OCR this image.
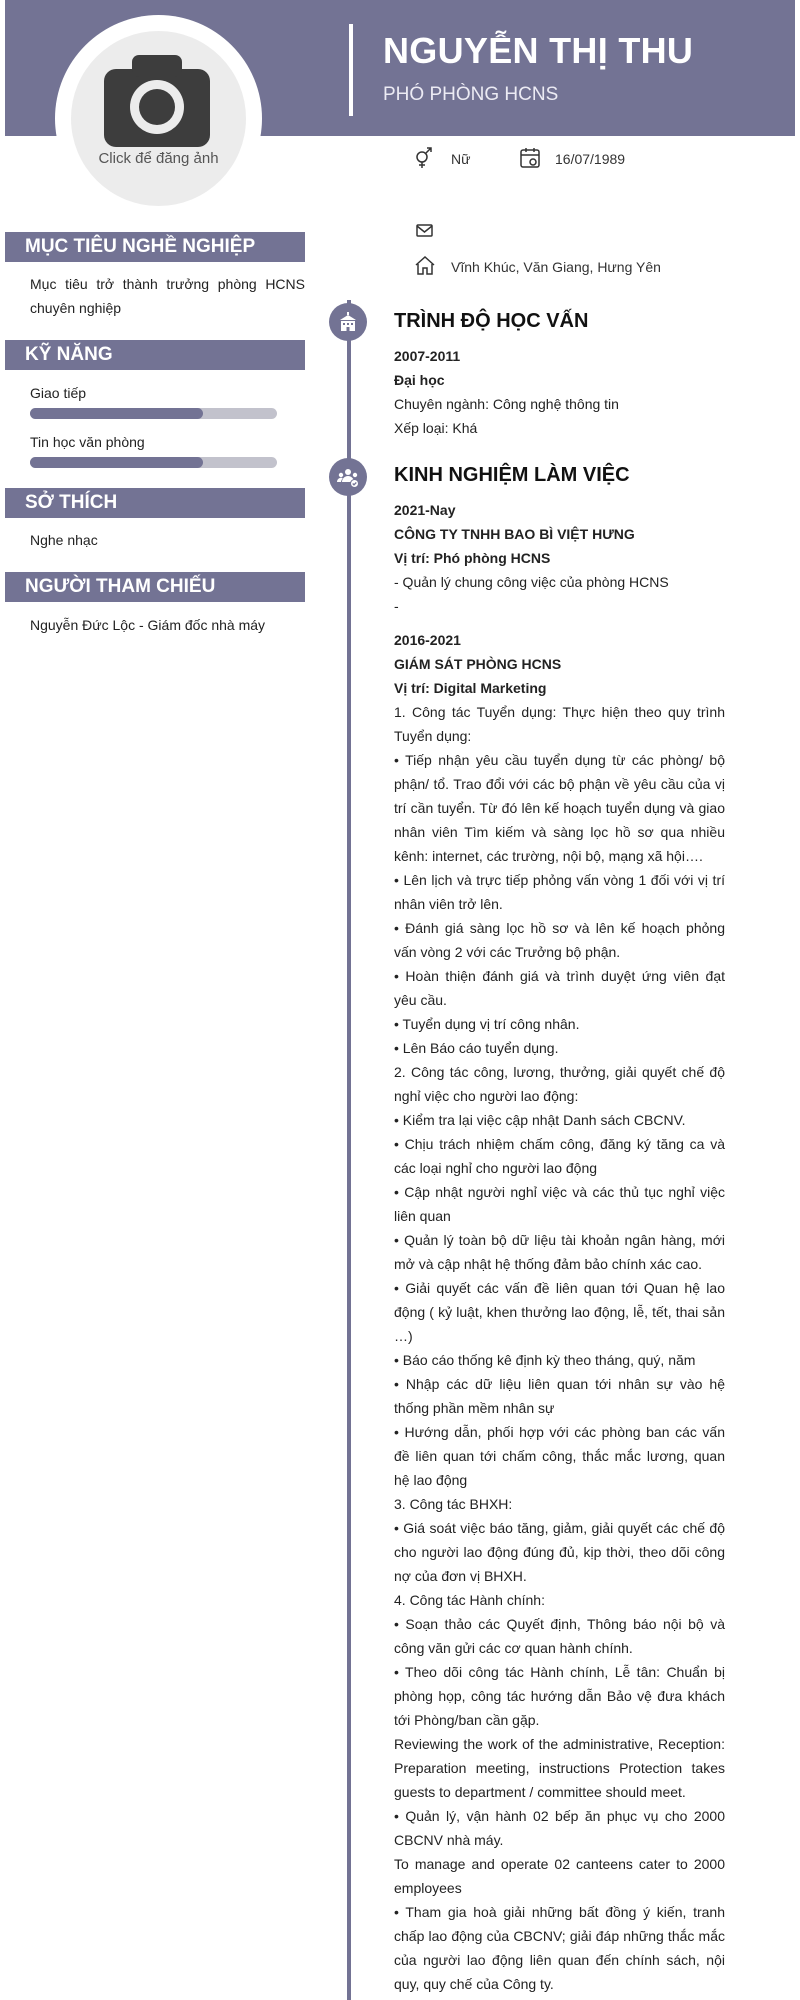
NGUYỄN THỊ THU
PHÓ PHÒNG HCNS
Click để đăng ảnh	Nữ	16/07/1989
Vĩnh Khúc, Văn Giang, Hưng Yên
MỤC TIÊU NGHỀ NGHIỆP
Mục tiêu trở thành trưởng phòng HCNS chuyên nghiệp
KỸ NĂNG
Giao tiếp
Tin học văn phòng
SỞ THÍCH
Nghe nhạc
NGƯỜI THAM CHIẾU
Nguyễn Đức Lộc - Giám đốc nhà máy
TRÌNH ĐỘ HỌC VẤN
2007-2011
Đại học
Chuyên ngành: Công nghệ thông tin
Xếp loại: Khá
KINH NGHIỆM LÀM VIỆC
2021-Nay
CÔNG TY TNHH BAO BÌ VIỆT HƯNG
Vị trí: Phó phòng HCNS
- Quản lý chung công việc của phòng HCNS
-
2016-2021
GIÁM SÁT PHÒNG HCNS
Vị trí: Digital Marketing
1. Công tác Tuyển dụng: Thực hiện theo quy trình Tuyển dụng:
• Tiếp nhận yêu cầu tuyển dụng từ các phòng/ bộ phận/ tổ. Trao đổi với các bộ phận về yêu cầu của vị trí cần tuyển. Từ đó lên kế hoạch tuyển dụng và giao nhân viên Tìm kiếm và sàng lọc hồ sơ qua nhiều kênh: internet, các trường, nội bộ, mạng xã hội….
• Lên lịch và trực tiếp phỏng vấn vòng 1 đối với vị trí nhân viên trở lên.
• Đánh giá sàng lọc hồ sơ và lên kế hoạch phỏng vấn vòng 2 với các Trưởng bộ phận.
• Hoàn thiện đánh giá và trình duyệt ứng viên đạt yêu cầu.
• Tuyển dụng vị trí công nhân.
• Lên Báo cáo tuyển dụng.
2. Công tác công, lương, thưởng, giải quyết chế độ nghỉ việc cho người lao động:
• Kiểm tra lại việc cập nhật Danh sách CBCNV.
• Chịu trách nhiệm chấm công, đăng ký tăng ca và các loại nghỉ cho người lao động
• Cập nhật người nghỉ việc và các thủ tục nghỉ việc liên quan
• Quản lý toàn bộ dữ liệu tài khoản ngân hàng, mới mở và cập nhật hệ thống đảm bảo chính xác cao.
• Giải quyết các vấn đề liên quan tới Quan hệ lao động ( kỷ luật, khen thưởng lao động, lễ, tết, thai sản …)
• Báo cáo thống kê định kỳ theo tháng, quý, năm
• Nhập các dữ liệu liên quan tới nhân sự vào hệ thống phần mềm nhân sự
• Hướng dẫn, phối hợp với các phòng ban các vấn đề liên quan tới chấm công, thắc mắc lương, quan hệ lao động
3. Công tác BHXH:
• Giá soát việc báo tăng, giảm, giải quyết các chế độ cho người lao động đúng đủ, kịp thời, theo dõi công nợ của đơn vị BHXH.
4. Công tác Hành chính:
• Soạn thảo các Quyết định, Thông báo nội bộ và công văn gửi các cơ quan hành chính.
• Theo dõi công tác Hành chính, Lễ tân: Chuẩn bị phòng họp, công tác hướng dẫn Bảo vệ đưa khách tới Phòng/ban cần gặp.
Reviewing the work of the administrative, Reception: Preparation meeting, instructions Protection takes guests to department / committee should meet.
• Quản lý, vận hành 02 bếp ăn phục vụ cho 2000 CBCNV nhà máy.
To manage and operate 02 canteens cater to 2000 employees
• Tham gia hoà giải những bất đồng ý kiến, tranh chấp lao động của CBCNV; giải đáp những thắc mắc của người lao động liên quan đến chính sách, nội quy, quy chế của Công ty.
